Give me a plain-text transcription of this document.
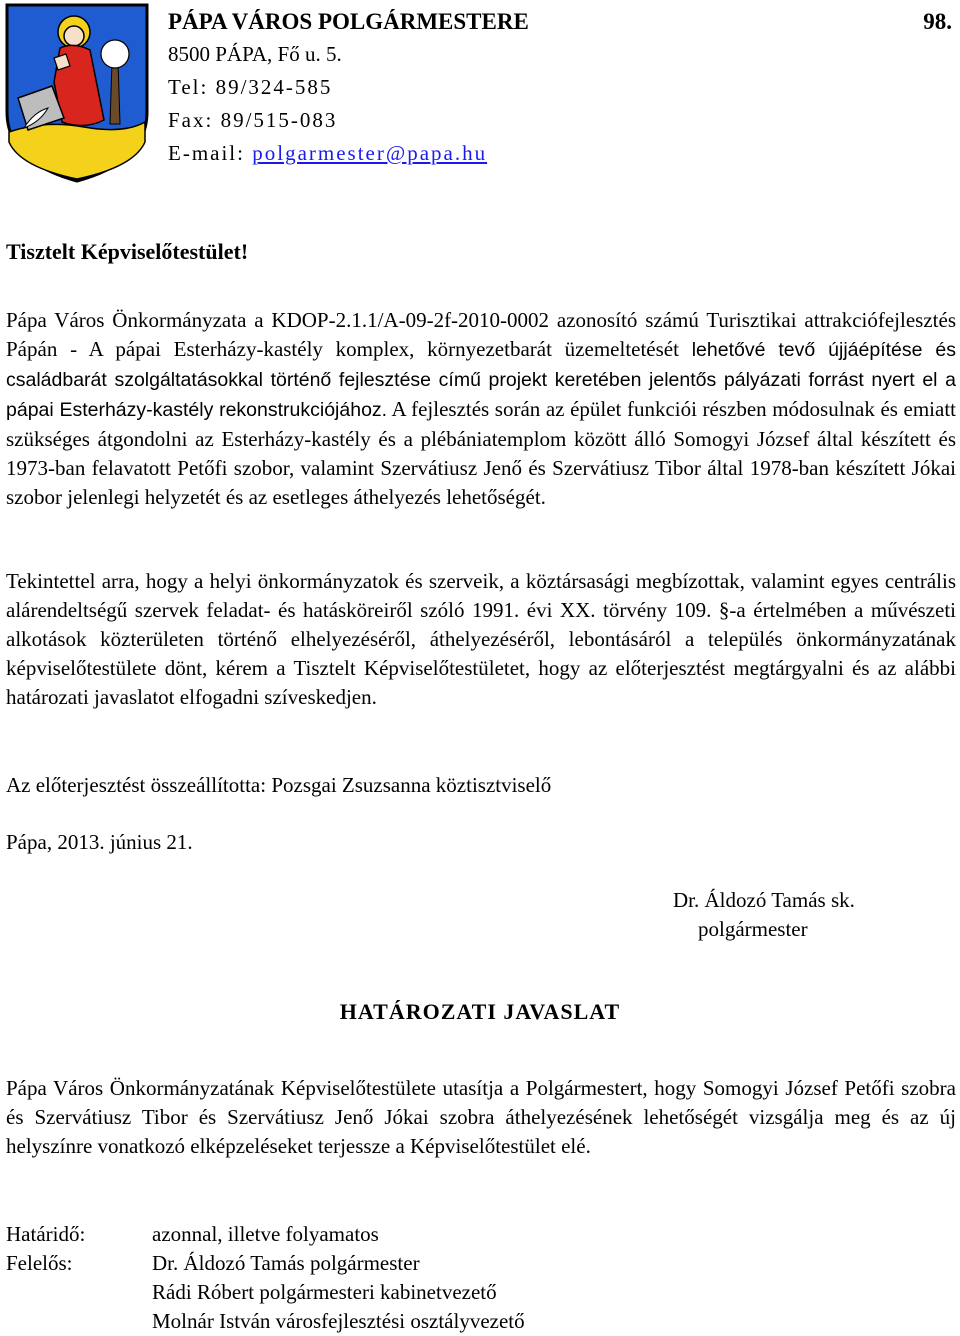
PÁPA VÁROS POLGÁRMESTERE	98.
8500 PÁPA, Fő u. 5.
Tel: 89/324-585
Fax: 89/515-083
E-mail: polgarmester@papa.hu
Tisztelt Képviselőtestület!
Pápa Város Önkormányzata a KDOP-2.1.1/A-09-2f-2010-0002 azonosító számú Turisztikai attrakciófejlesztés Pápán - A pápai Esterházy-kastély komplex, környezetbarát üzemeltetését lehetővé tevő újjáépítése és családbarát szolgáltatásokkal történő fejlesztése című projekt keretében jelentős pályázati forrást nyert el a pápai Esterházy-kastély rekonstrukciójához. A fejlesztés során az épület funkciói részben módosulnak és emiatt szükséges átgondolni az Esterházy-kastély és a plébániatemplom között álló Somogyi József által készített és 1973-ban felavatott Petőfi szobor, valamint Szervátiusz Jenő és Szervátiusz Tibor által 1978-ban készített Jókai szobor jelenlegi helyzetét és az esetleges áthelyezés lehetőségét.
Tekintettel arra, hogy a helyi önkormányzatok és szerveik, a köztársasági megbízottak, valamint egyes centrális alárendeltségű szervek feladat- és hatásköreiről szóló 1991. évi XX. törvény 109. §-a értelmében a művészeti alkotások közterületen történő elhelyezéséről, áthelyezéséről, lebontásáról a település önkormányzatának képviselőtestülete dönt, kérem a Tisztelt Képviselőtestületet, hogy az előterjesztést megtárgyalni és az alábbi határozati javaslatot elfogadni szíveskedjen.
Az előterjesztést összeállította: Pozsgai Zsuzsanna köztisztviselő
Pápa, 2013. június 21.
Dr. Áldozó Tamás sk.
polgármester
HATÁROZATI JAVASLAT
Pápa Város Önkormányzatának Képviselőtestülete utasítja a Polgármestert, hogy Somogyi József Petőfi szobra és Szervátiusz Tibor és Szervátiusz Jenő Jókai szobra áthelyezésének lehetőségét vizsgálja meg és az új helyszínre vonatkozó elképzeléseket terjessze a Képviselőtestület elé.
Határidő:	azonnal, illetve folyamatos
Felelős:	Dr. Áldozó Tamás polgármester
Rádi Róbert polgármesteri kabinetvezető
Molnár István városfejlesztési osztályvezető
